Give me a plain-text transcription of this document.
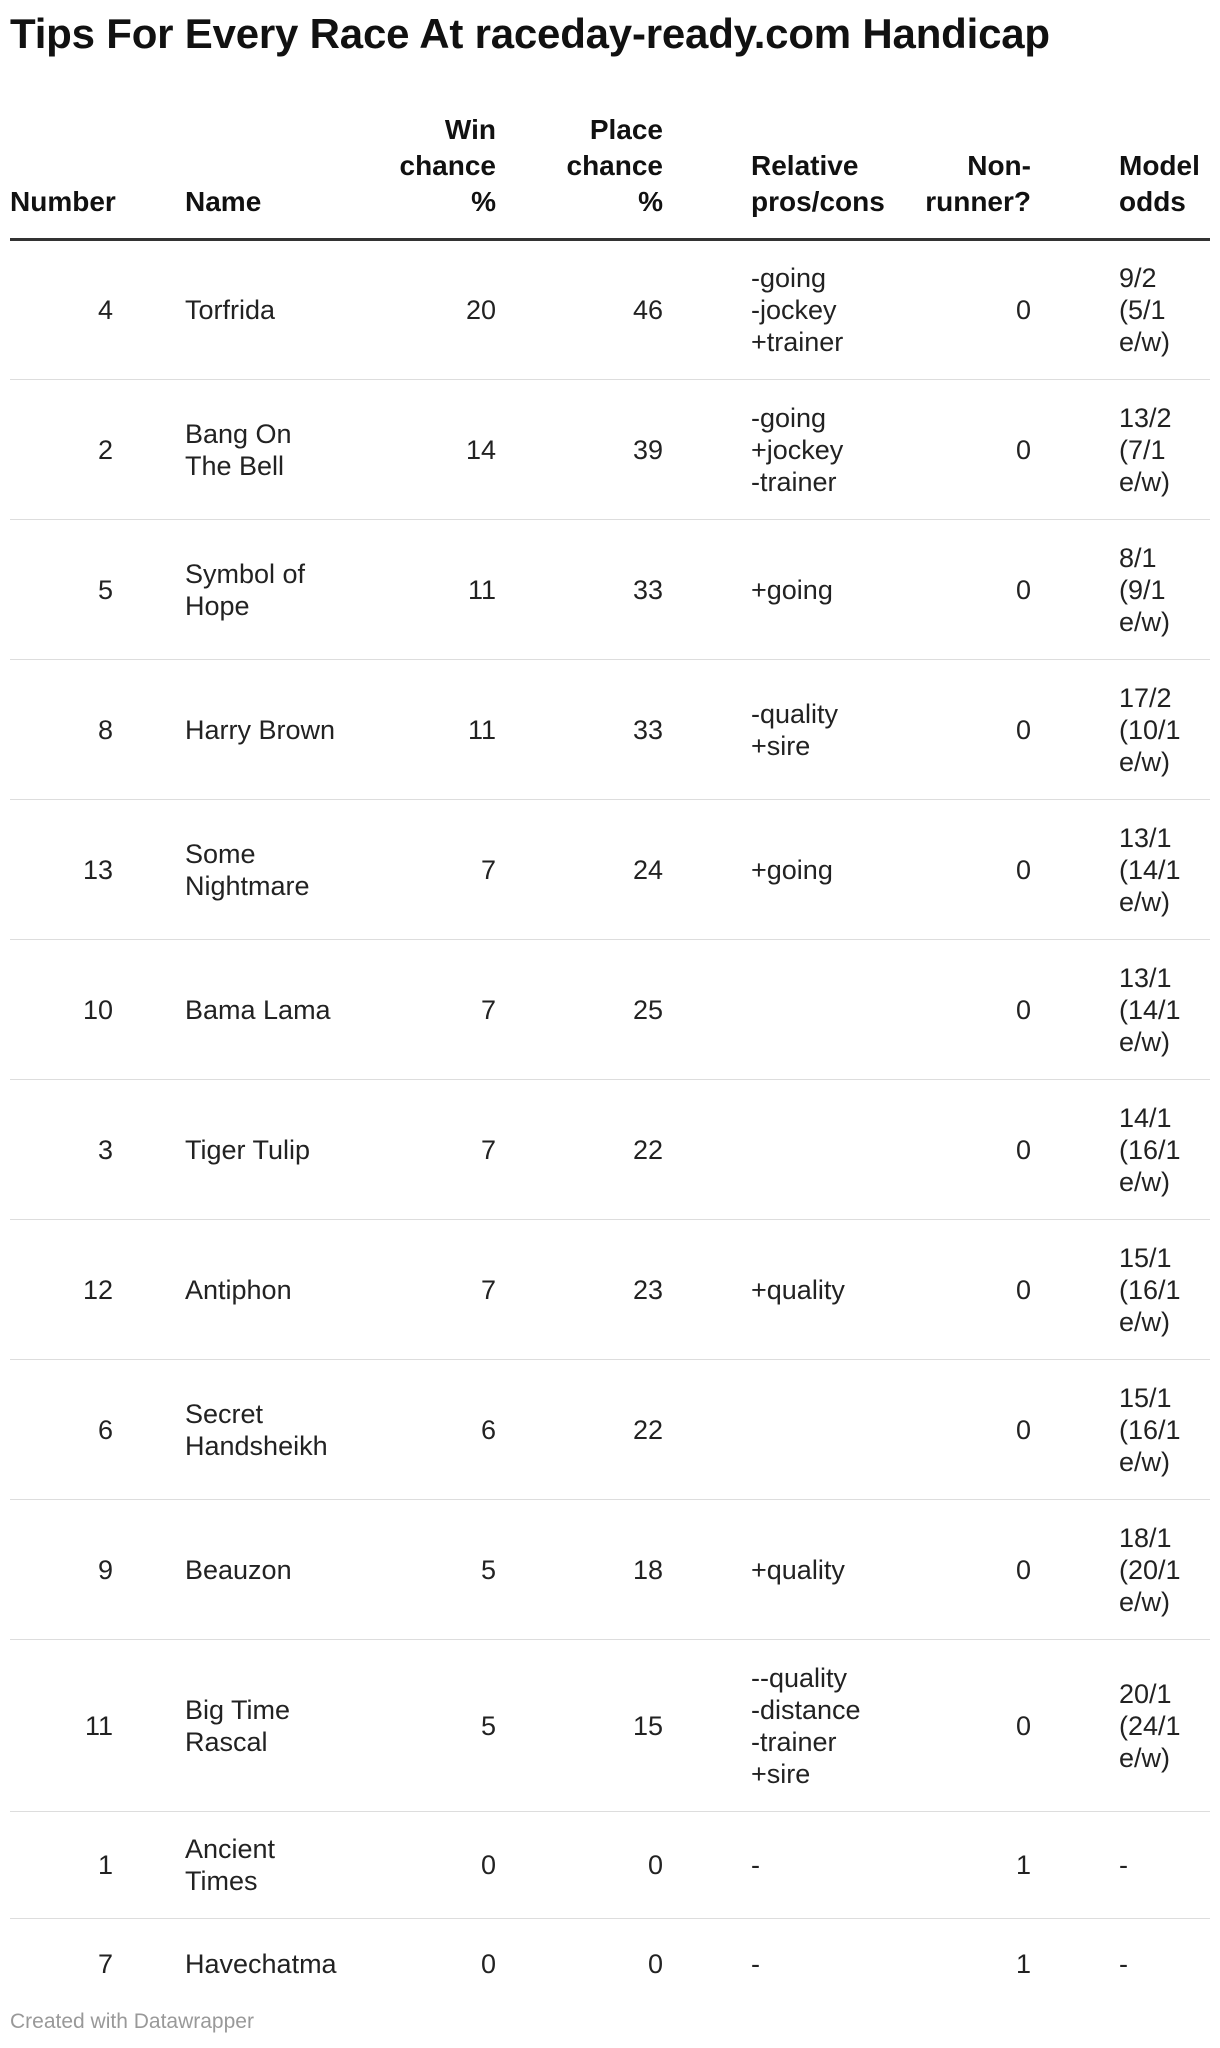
Tips For Every Race At raceday-ready.com Handicap
Number	Name	Win
chance
%	Place
chance
%	Relative
pros/cons	Non-
runner?	Model
odds
4	Torfrida	20	46	-going
-jockey
+trainer	0	9/2
(5/1
e/w)
2	Bang On
The Bell	14	39	-going
+jockey
-trainer	0	13/2
(7/1
e/w)
5	Symbol of
Hope	11	33	+going	0	8/1
(9/1
e/w)
8	Harry Brown	11	33	-quality
+sire	0	17/2
(10/1
e/w)
13	Some
Nightmare	7	24	+going	0	13/1
(14/1
e/w)
10	Bama Lama	7	25		0	13/1
(14/1
e/w)
3	Tiger Tulip	7	22		0	14/1
(16/1
e/w)
12	Antiphon	7	23	+quality	0	15/1
(16/1
e/w)
6	Secret
Handsheikh	6	22		0	15/1
(16/1
e/w)
9	Beauzon	5	18	+quality	0	18/1
(20/1
e/w)
11	Big Time
Rascal	5	15	--quality
-distance
-trainer
+sire	0	20/1
(24/1
e/w)
1	Ancient
Times	0	0	-	1	-
7	Havechatma	0	0	-	1	-
Created with Datawrapper
